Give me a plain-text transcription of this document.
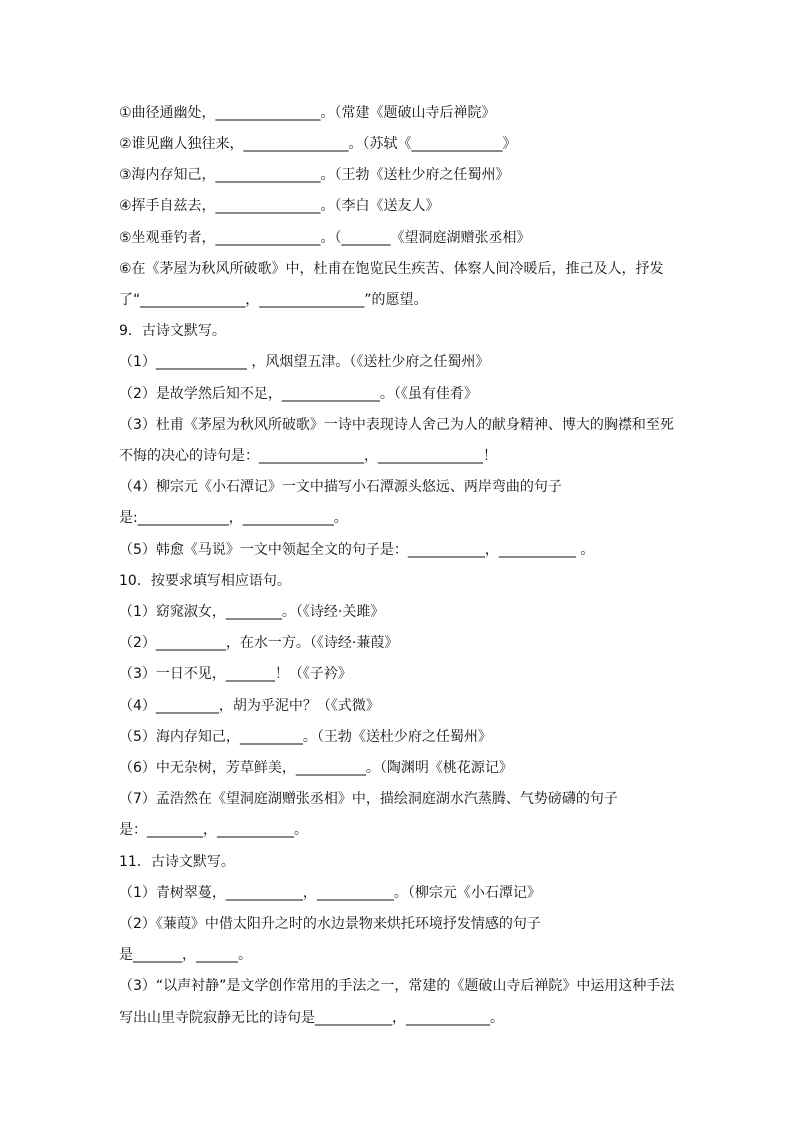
①曲径通幽处，_______________。（常建《题破山寺后禅院》
②谁见幽人独往来，_______________。（苏轼《_____________》
③海内存知己，_______________。（王勃《送杜少府之任蜀州》
④挥手自兹去，_______________。（李白《送友人》
⑤坐观垂钓者，_______________。（_______《望洞庭湖赠张丞相》
⑥在《茅屋为秋风所破歌》中，杜甫在饱览民生疾苦、体察人间冷暖后，推己及人，抒发
了“_______________，_______________”的愿望。
9．古诗文默写。
（1）_____________ ，风烟望五津。（《送杜少府之任蜀州》
（2）是故学然后知不足，______________。（《虽有佳肴》
（3）杜甫《茅屋为秋风所破歌》一诗中表现诗人舍己为人的献身精神、博大的胸襟和至死
不悔的决心的诗句是：_______________，_______________！
（4）柳宗元《小石潭记》一文中描写小石潭源头悠远、两岸弯曲的句子
是:_____________，_____________。
（5）韩愈《马说》一文中领起全文的句子是：___________，___________ 。
10．按要求填写相应语句。
（1）窈窕淑女，________。（《诗经·关雎》
（2）__________，在水一方。（《诗经·蒹葭》
（3）一日不见，_______！（《子衿》
（4）_________，胡为乎泥中？（《式微》
（5）海内存知己，_________。（王勃《送杜少府之任蜀州》
（6）中无杂树，芳草鲜美，__________。（陶渊明《桃花源记》
（7）孟浩然在《望洞庭湖赠张丞相》中，描绘洞庭湖水汽蒸腾、气势磅礴的句子
是：________，___________。
11．古诗文默写。
（1）青树翠蔓，___________，___________。（柳宗元《小石潭记》
（2）《蒹葭》中借太阳升之时的水边景物来烘托环境抒发情感的句子
是_______，______。
（3）“以声衬静”是文学创作常用的手法之一，常建的《题破山寺后禅院》中运用这种手法
写出山里寺院寂静无比的诗句是___________，____________。
